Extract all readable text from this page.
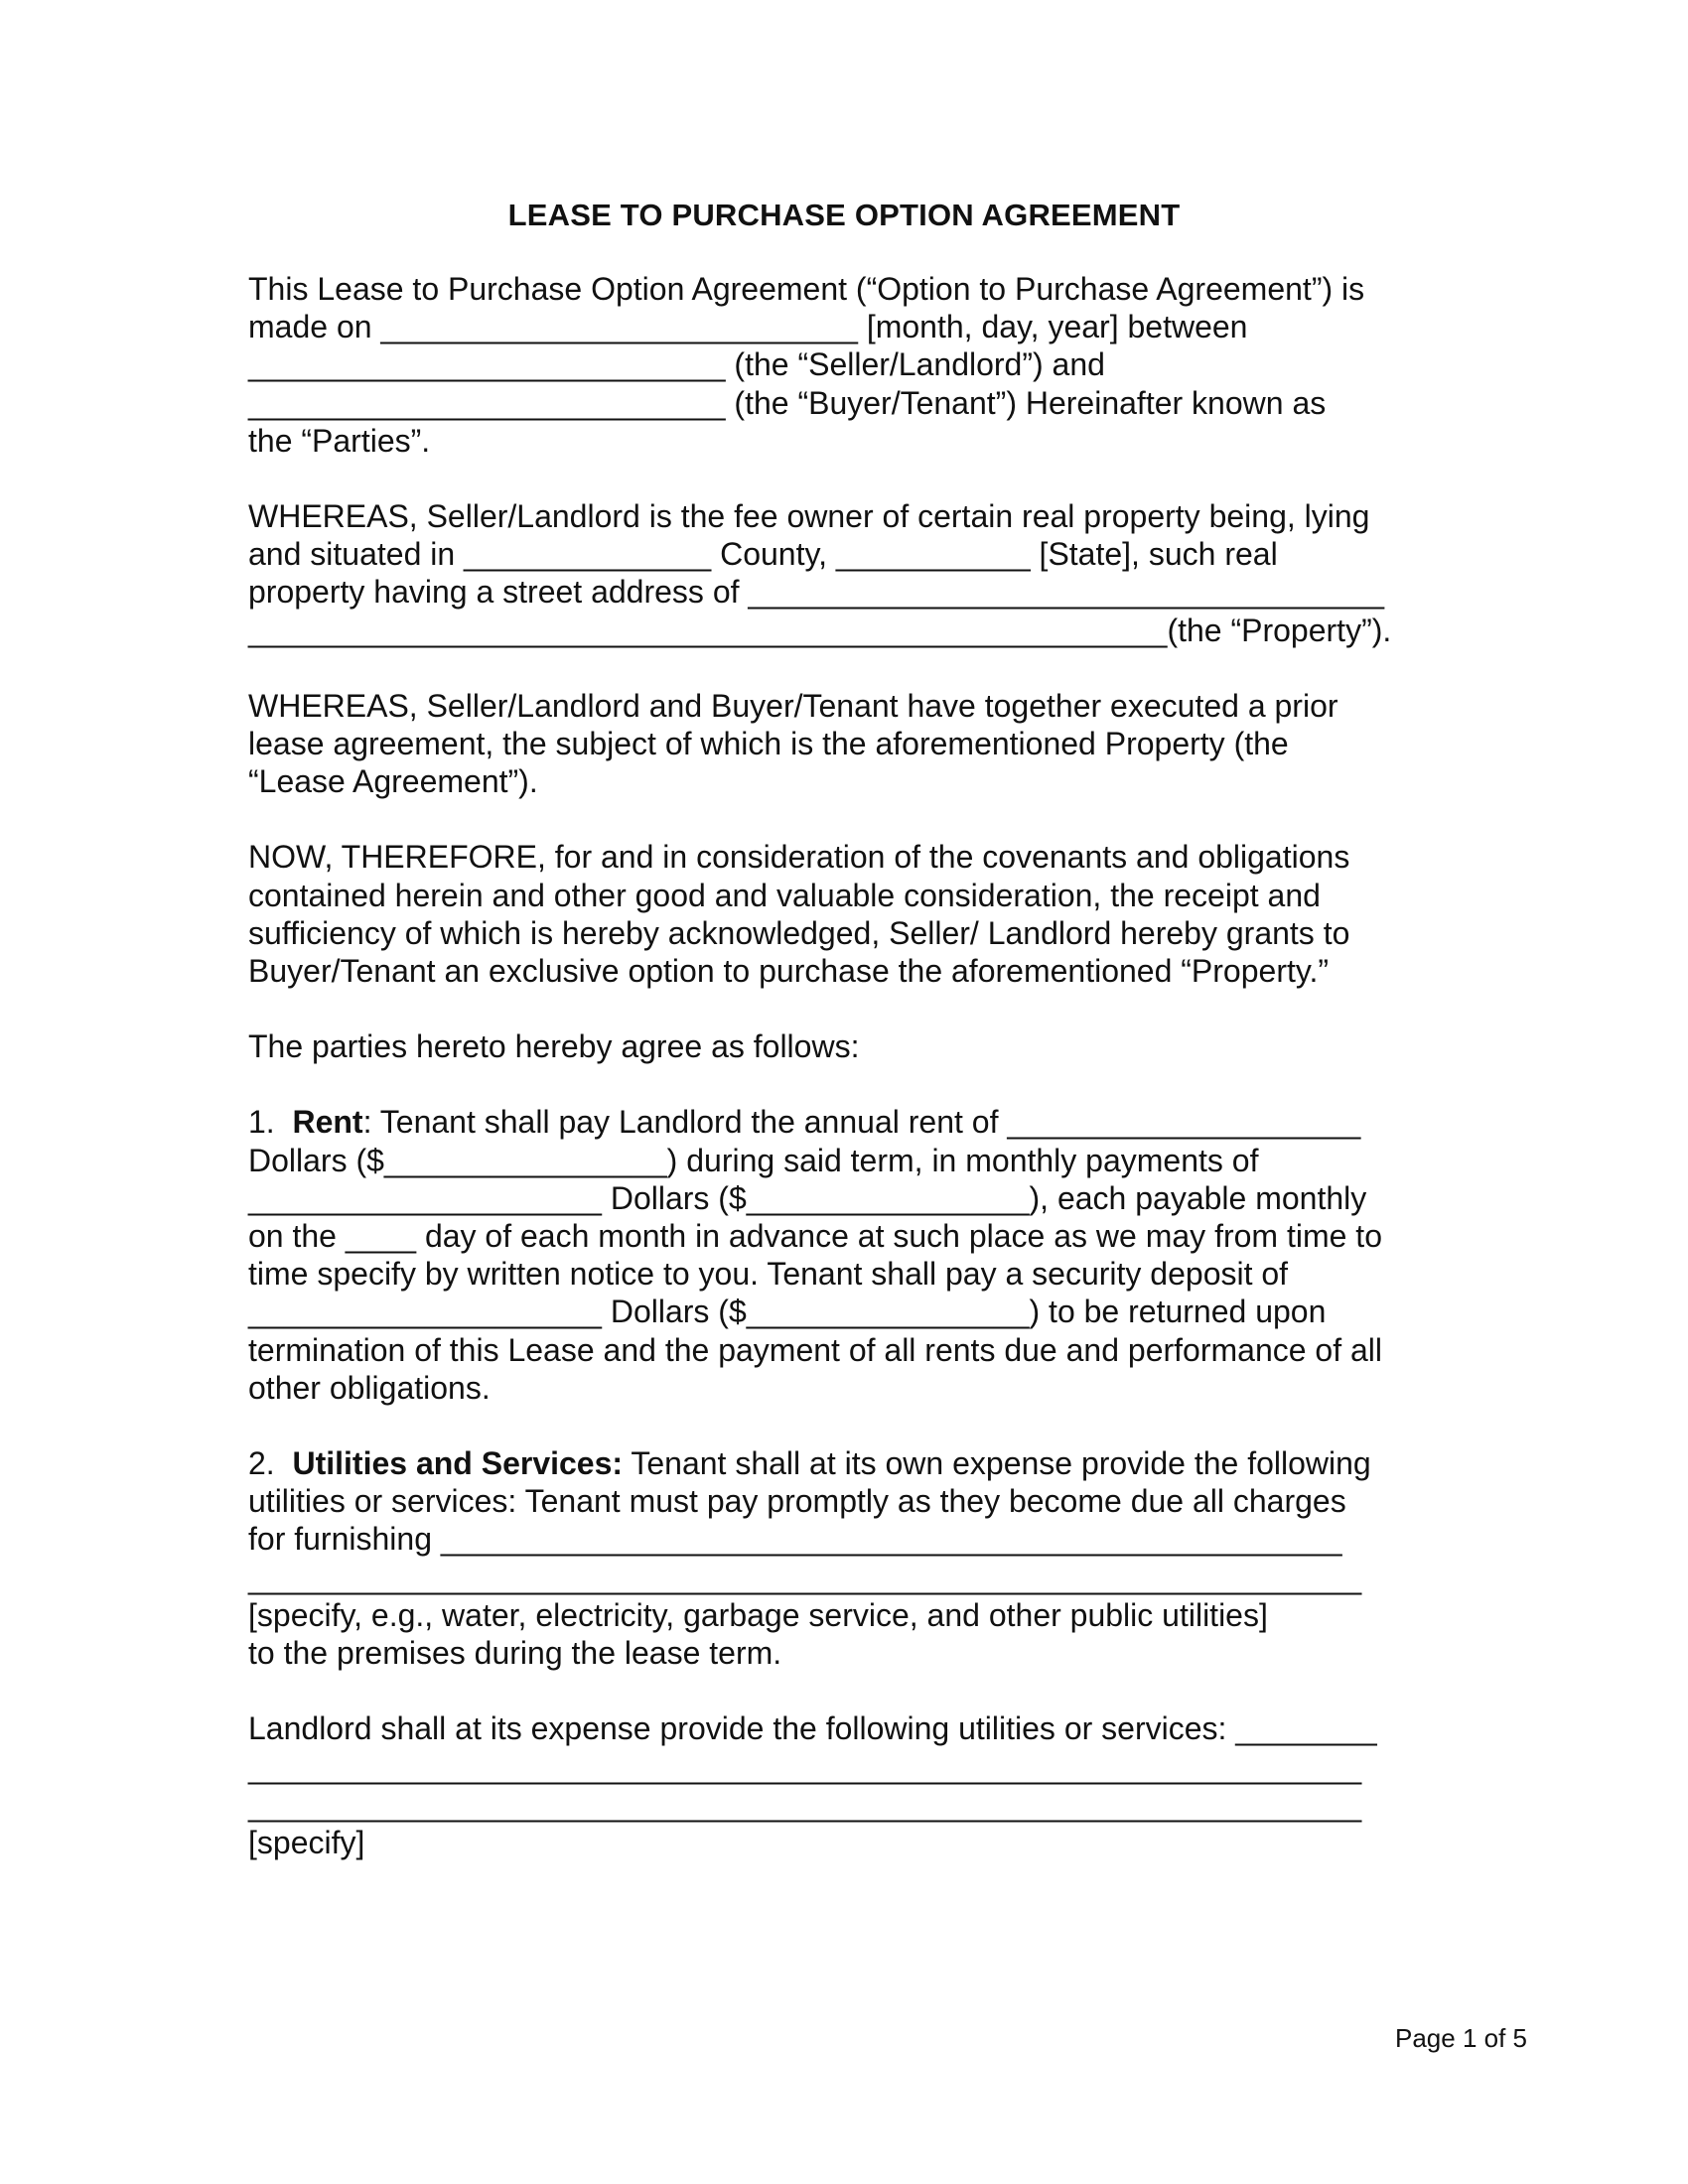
LEASE TO PURCHASE OPTION AGREEMENT
This Lease to Purchase Option Agreement (“Option to Purchase Agreement”) is
made on ___________________________ [month, day, year] between
___________________________ (the “Seller/Landlord”) and
___________________________ (the “Buyer/Tenant”) Hereinafter known as
the “Parties”.
WHEREAS, Seller/Landlord is the fee owner of certain real property being, lying
and situated in ______________ County, ___________ [State], such real
property having a street address of ____________________________________
____________________________________________________(the “Property”).
WHEREAS, Seller/Landlord and Buyer/Tenant have together executed a prior
lease agreement, the subject of which is the aforementioned Property (the
“Lease Agreement”).
NOW, THEREFORE, for and in consideration of the covenants and obligations
contained herein and other good and valuable consideration, the receipt and
sufficiency of which is hereby acknowledged, Seller/ Landlord hereby grants to
Buyer/Tenant an exclusive option to purchase the aforementioned “Property.”
The parties hereto hereby agree as follows:
1.  Rent: Tenant shall pay Landlord the annual rent of ____________________
Dollars ($________________) during said term, in monthly payments of
____________________ Dollars ($________________), each payable monthly
on the ____ day of each month in advance at such place as we may from time to
time specify by written notice to you. Tenant shall pay a security deposit of
____________________ Dollars ($________________) to be returned upon
termination of this Lease and the payment of all rents due and performance of all
other obligations.
2.  Utilities and Services: Tenant shall at its own expense provide the following
utilities or services: Tenant must pay promptly as they become due all charges
for furnishing ___________________________________________________
_______________________________________________________________
[specify, e.g., water, electricity, garbage service, and other public utilities]
to the premises during the lease term.
Landlord shall at its expense provide the following utilities or services: ________
_______________________________________________________________
_______________________________________________________________
[specify]
Page 1 of 5
